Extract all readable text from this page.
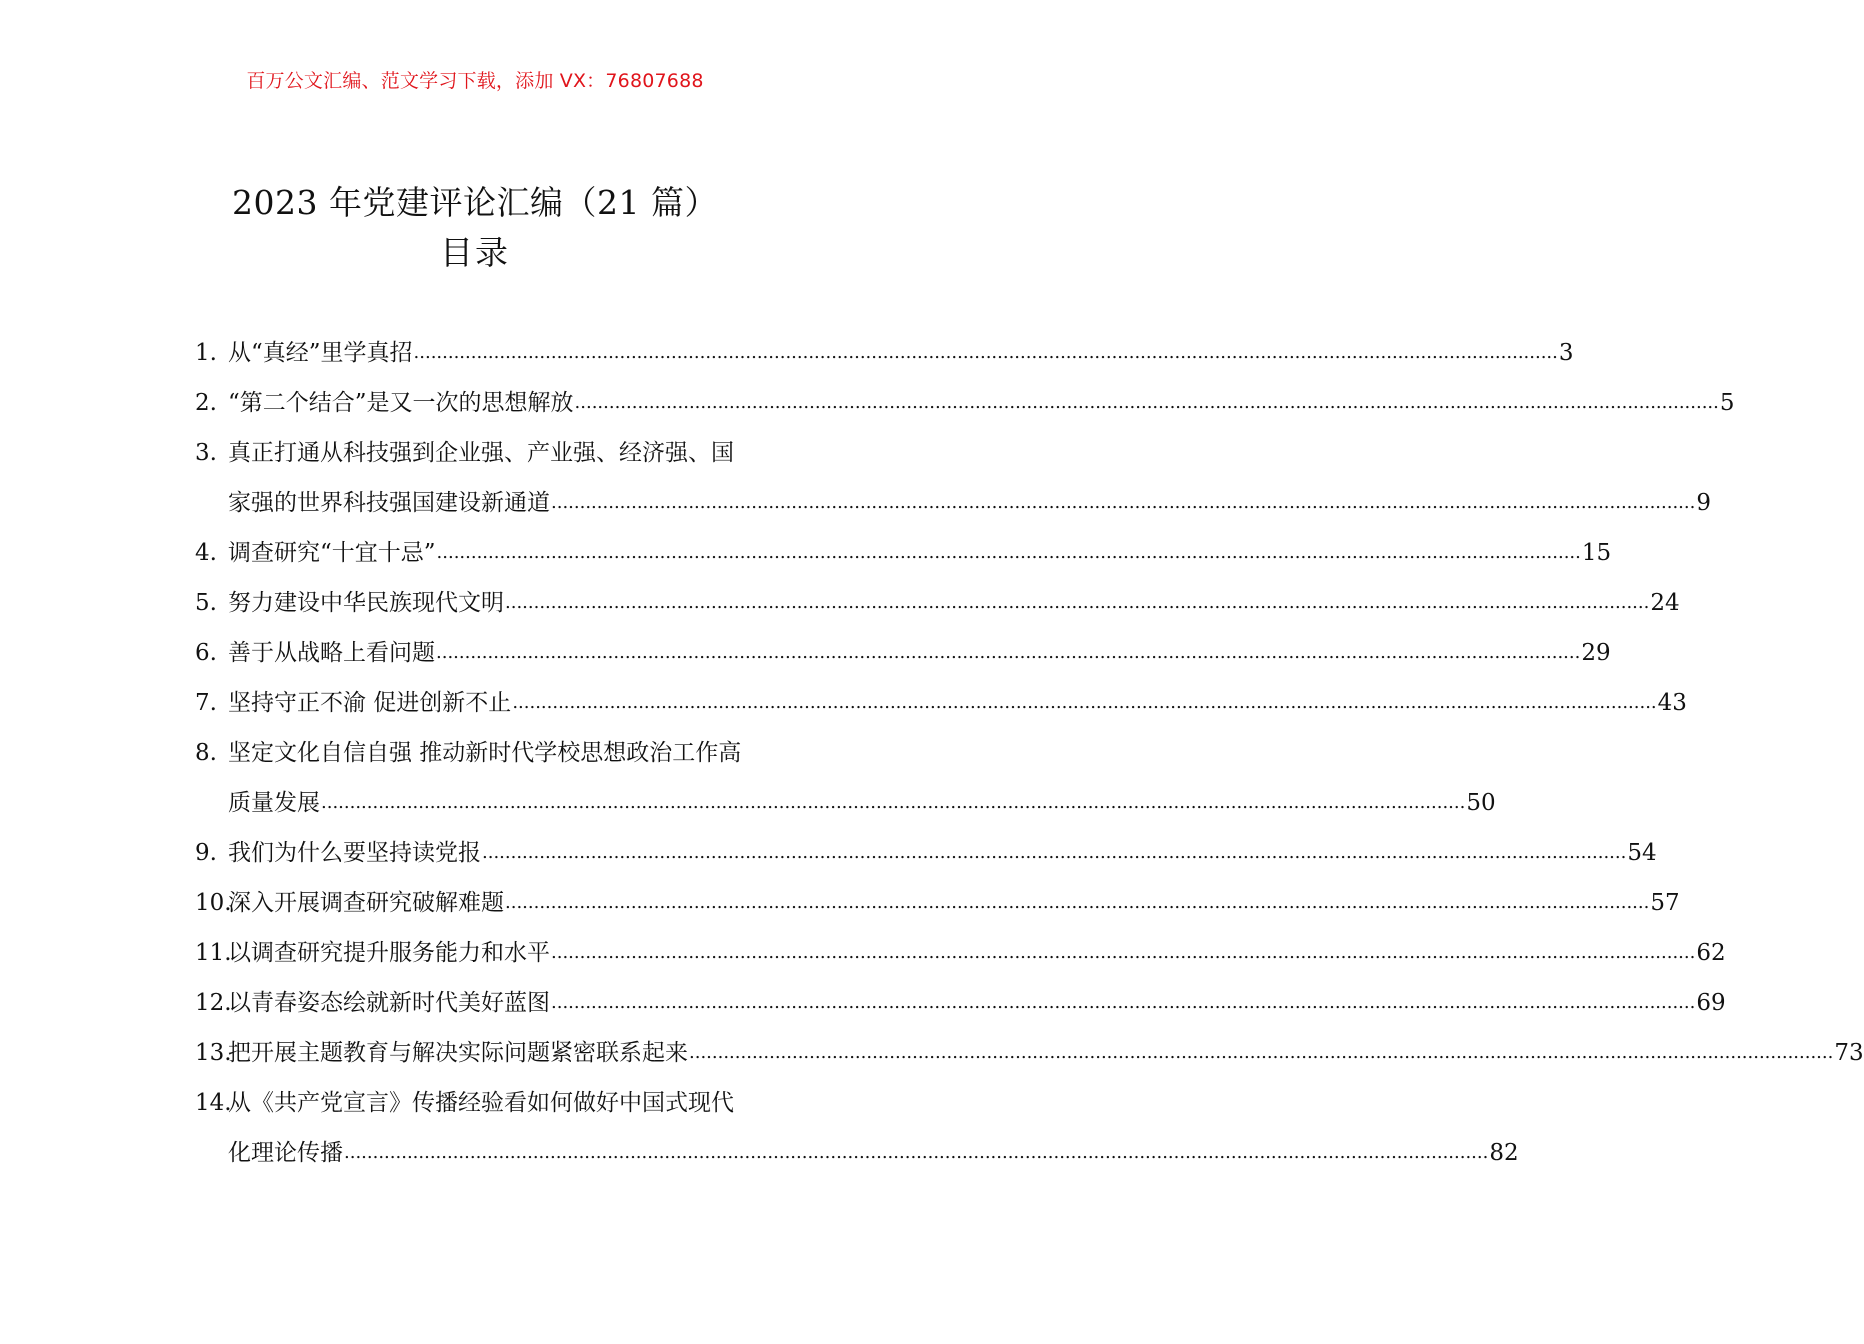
百万公文汇编、范文学习下载，添加 VX：76807688
2023 年党建评论汇编（21 篇）
目录
1. 从“真经”里学真招 ........................................................................................................................................................................................................ 3
2. “第二个结合”是又一次的思想解放 ........................................................................................................................................................................................................ 5
3. 真正打通从科技强到企业强、产业强、经济强、国
家强的世界科技强国建设新通道 ........................................................................................................................................................................................................ 9
4. 调查研究“十宜十忌” ........................................................................................................................................................................................................ 15
5. 努力建设中华民族现代文明 ........................................................................................................................................................................................................ 24
6. 善于从战略上看问题 ........................................................................................................................................................................................................ 29
7. 坚持守正不渝 促进创新不止 ........................................................................................................................................................................................................ 43
8. 坚定文化自信自强 推动新时代学校思想政治工作高
质量发展 ........................................................................................................................................................................................................ 50
9. 我们为什么要坚持读党报 ........................................................................................................................................................................................................ 54
10.
深入开展调查研究破解难题 ........................................................................................................................................................................................................ 57
11.
以调查研究提升服务能力和水平 ........................................................................................................................................................................................................ 62
12.
以青春姿态绘就新时代美好蓝图 ........................................................................................................................................................................................................ 69
13.
把开展主题教育与解决实际问题紧密联系起来 ........................................................................................................................................................................................................ 73
14.
从《共产党宣言》传播经验看如何做好中国式现代
化理论传播 ........................................................................................................................................................................................................ 82
